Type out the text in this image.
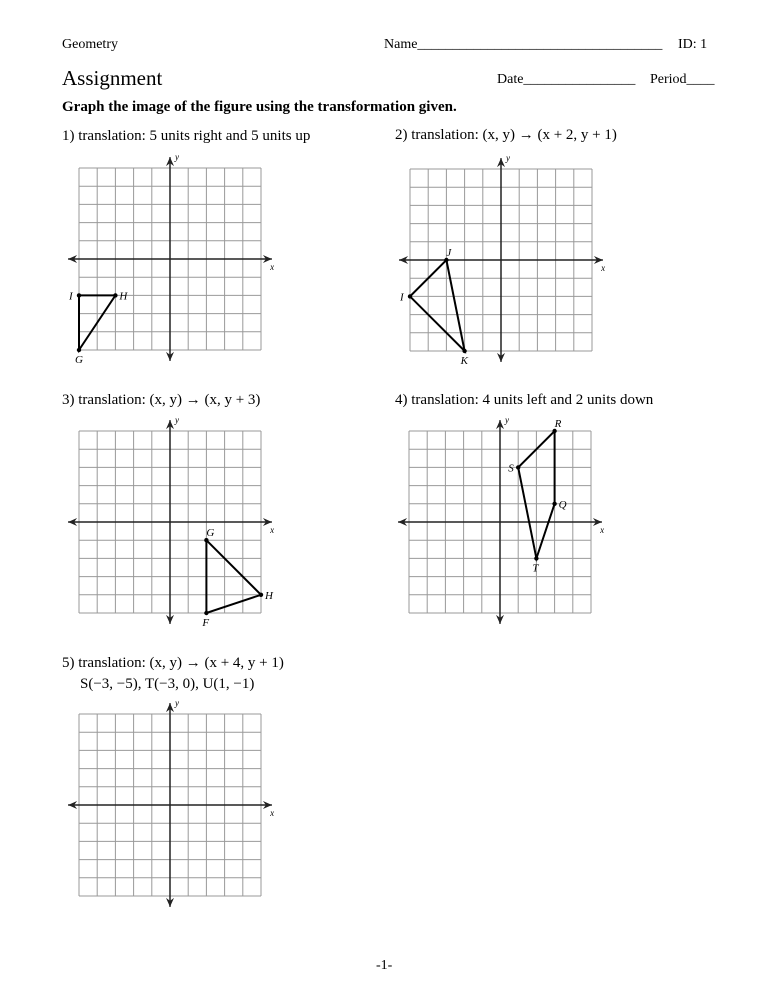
Geometry	Name___________________________________ ID: 1
Assignment	Date________________ Period____
Graph the image of the figure using the transformation given.
1) translation: 5 units right and 5 units up	2) translation: (x, y) → (x + 2, y + 1)
3) translation: (x, y) → (x, y + 3)	4) translation: 4 units left and 2 units down
5) translation: (x, y) → (x + 4, y + 1)
S(−3, −5), T(−3, 0), U(1, −1)
x
y
I	H
G
x
y
J
K
I
x
y
G
H
F
x
y	R
Q
T
S
x
y
-1-
